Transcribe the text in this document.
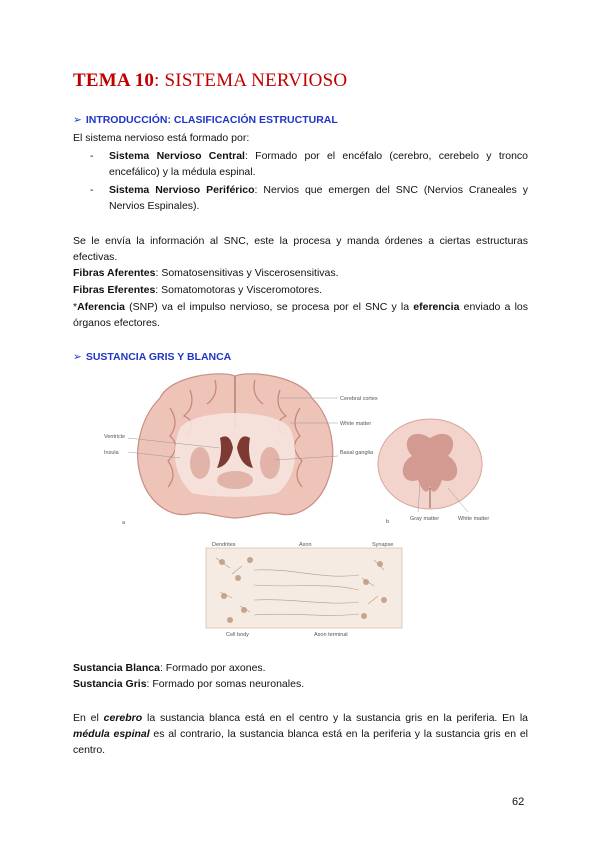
TEMA 10: SISTEMA NERVIOSO
➢ INTRODUCCIÓN: CLASIFICACIÓN ESTRUCTURAL
El sistema nervioso está formado por:
- Sistema Nervioso Central: Formado por el encéfalo (cerebro, cerebelo y tronco encefálico) y la médula espinal.
- Sistema Nervioso Periférico: Nervios que emergen del SNC (Nervios Craneales y Nervios Espinales).
Se le envía la información al SNC, este la procesa y manda órdenes a ciertas estructuras efectivas.
Fibras Aferentes: Somatosensitivas y Viscerosensitivas.
Fibras Eferentes: Somatomotoras y Visceromotores.
*Aferencia (SNP) va el impulso nervioso, se procesa por el SNC y la eferencia enviado a los órganos efectores.
➢ SUSTANCIA GRIS Y BLANCA
Cerebral cortex
White matter
Basal ganglia
Ventricle
Insula
a	b	Gray matter	White matter
Dendrites	Axon	Synapse
Cell body	Axon terminal
Sustancia Blanca: Formado por axones.
Sustancia Gris: Formado por somas neuronales.
En el cerebro la sustancia blanca está en el centro y la sustancia gris en la periferia. En la médula espinal es al contrario, la sustancia blanca está en la periferia y la sustancia gris en el centro.
62
